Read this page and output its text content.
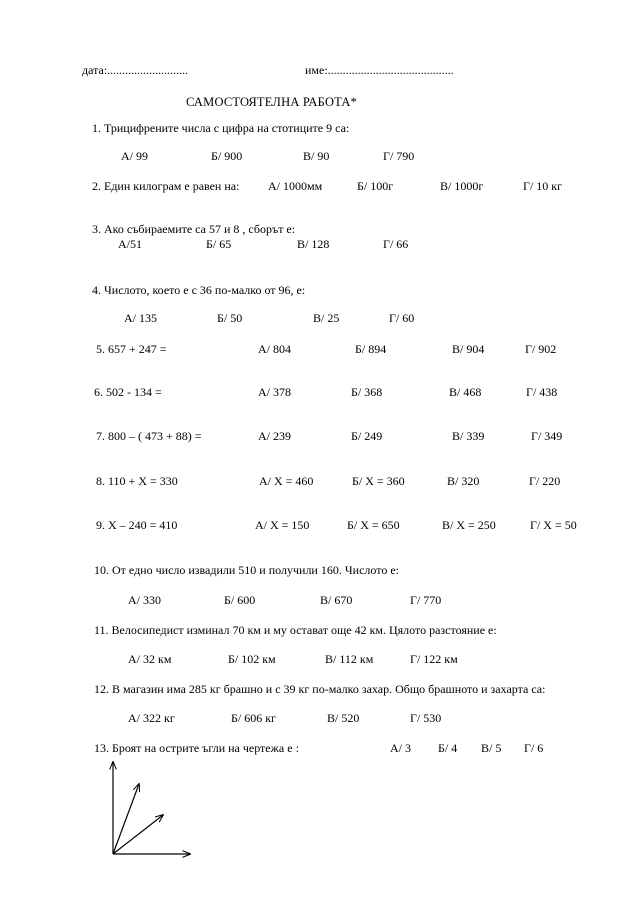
дата:...........................	име:..........................................
САМОСТОЯТЕЛНА РАБОТА*
1. Трицифрените числа с цифра на стотиците 9 са:
А/ 99	Б/ 900	В/ 90	Г/ 790
2. Един килограм е равен на: А/ 1000мм	Б/ 100г	В/ 1000г	Г/ 10 кг
3. Ако събираемите са 57 и 8 , сборът е:
А/51	Б/ 65	В/ 128	Г/ 66
4. Числото, което е с 36 по-малко от 96, е:
А/ 135	Б/ 50	В/ 25	Г/ 60
5. 657 + 247 =	А/ 804	Б/ 894	В/ 904	Г/ 902
6. 502 - 134 =	А/ 378	Б/ 368	В/ 468	Г/ 438
7. 800 – ( 473 + 88) =	А/ 239	Б/ 249	В/ 339	Г/ 349
8. 110 + X = 330	А/ X = 460	Б/ X = 360	В/ 320	Г/ 220
9. X – 240 = 410	А/ X = 150	Б/ X = 650	В/ X = 250	Г/ X = 50
10. От едно число извадили 510 и получили 160. Числото е:
А/ 330	Б/ 600	В/ 670	Г/ 770
11. Велосипедист изминал 70 км и му остават още 42 км. Цялото разстояние е:
А/ 32 км	Б/ 102 км	В/ 112 км	Г/ 122 км
12. В магазин има 285 кг брашно и с 39 кг по-малко захар. Общо брашното и захарта са:
А/ 322 кг	Б/ 606 кг	В/ 520	Г/ 530
13. Броят на острите ъгли на чертежа е :	А/ 3 Б/ 4 В/ 5 Г/ 6
